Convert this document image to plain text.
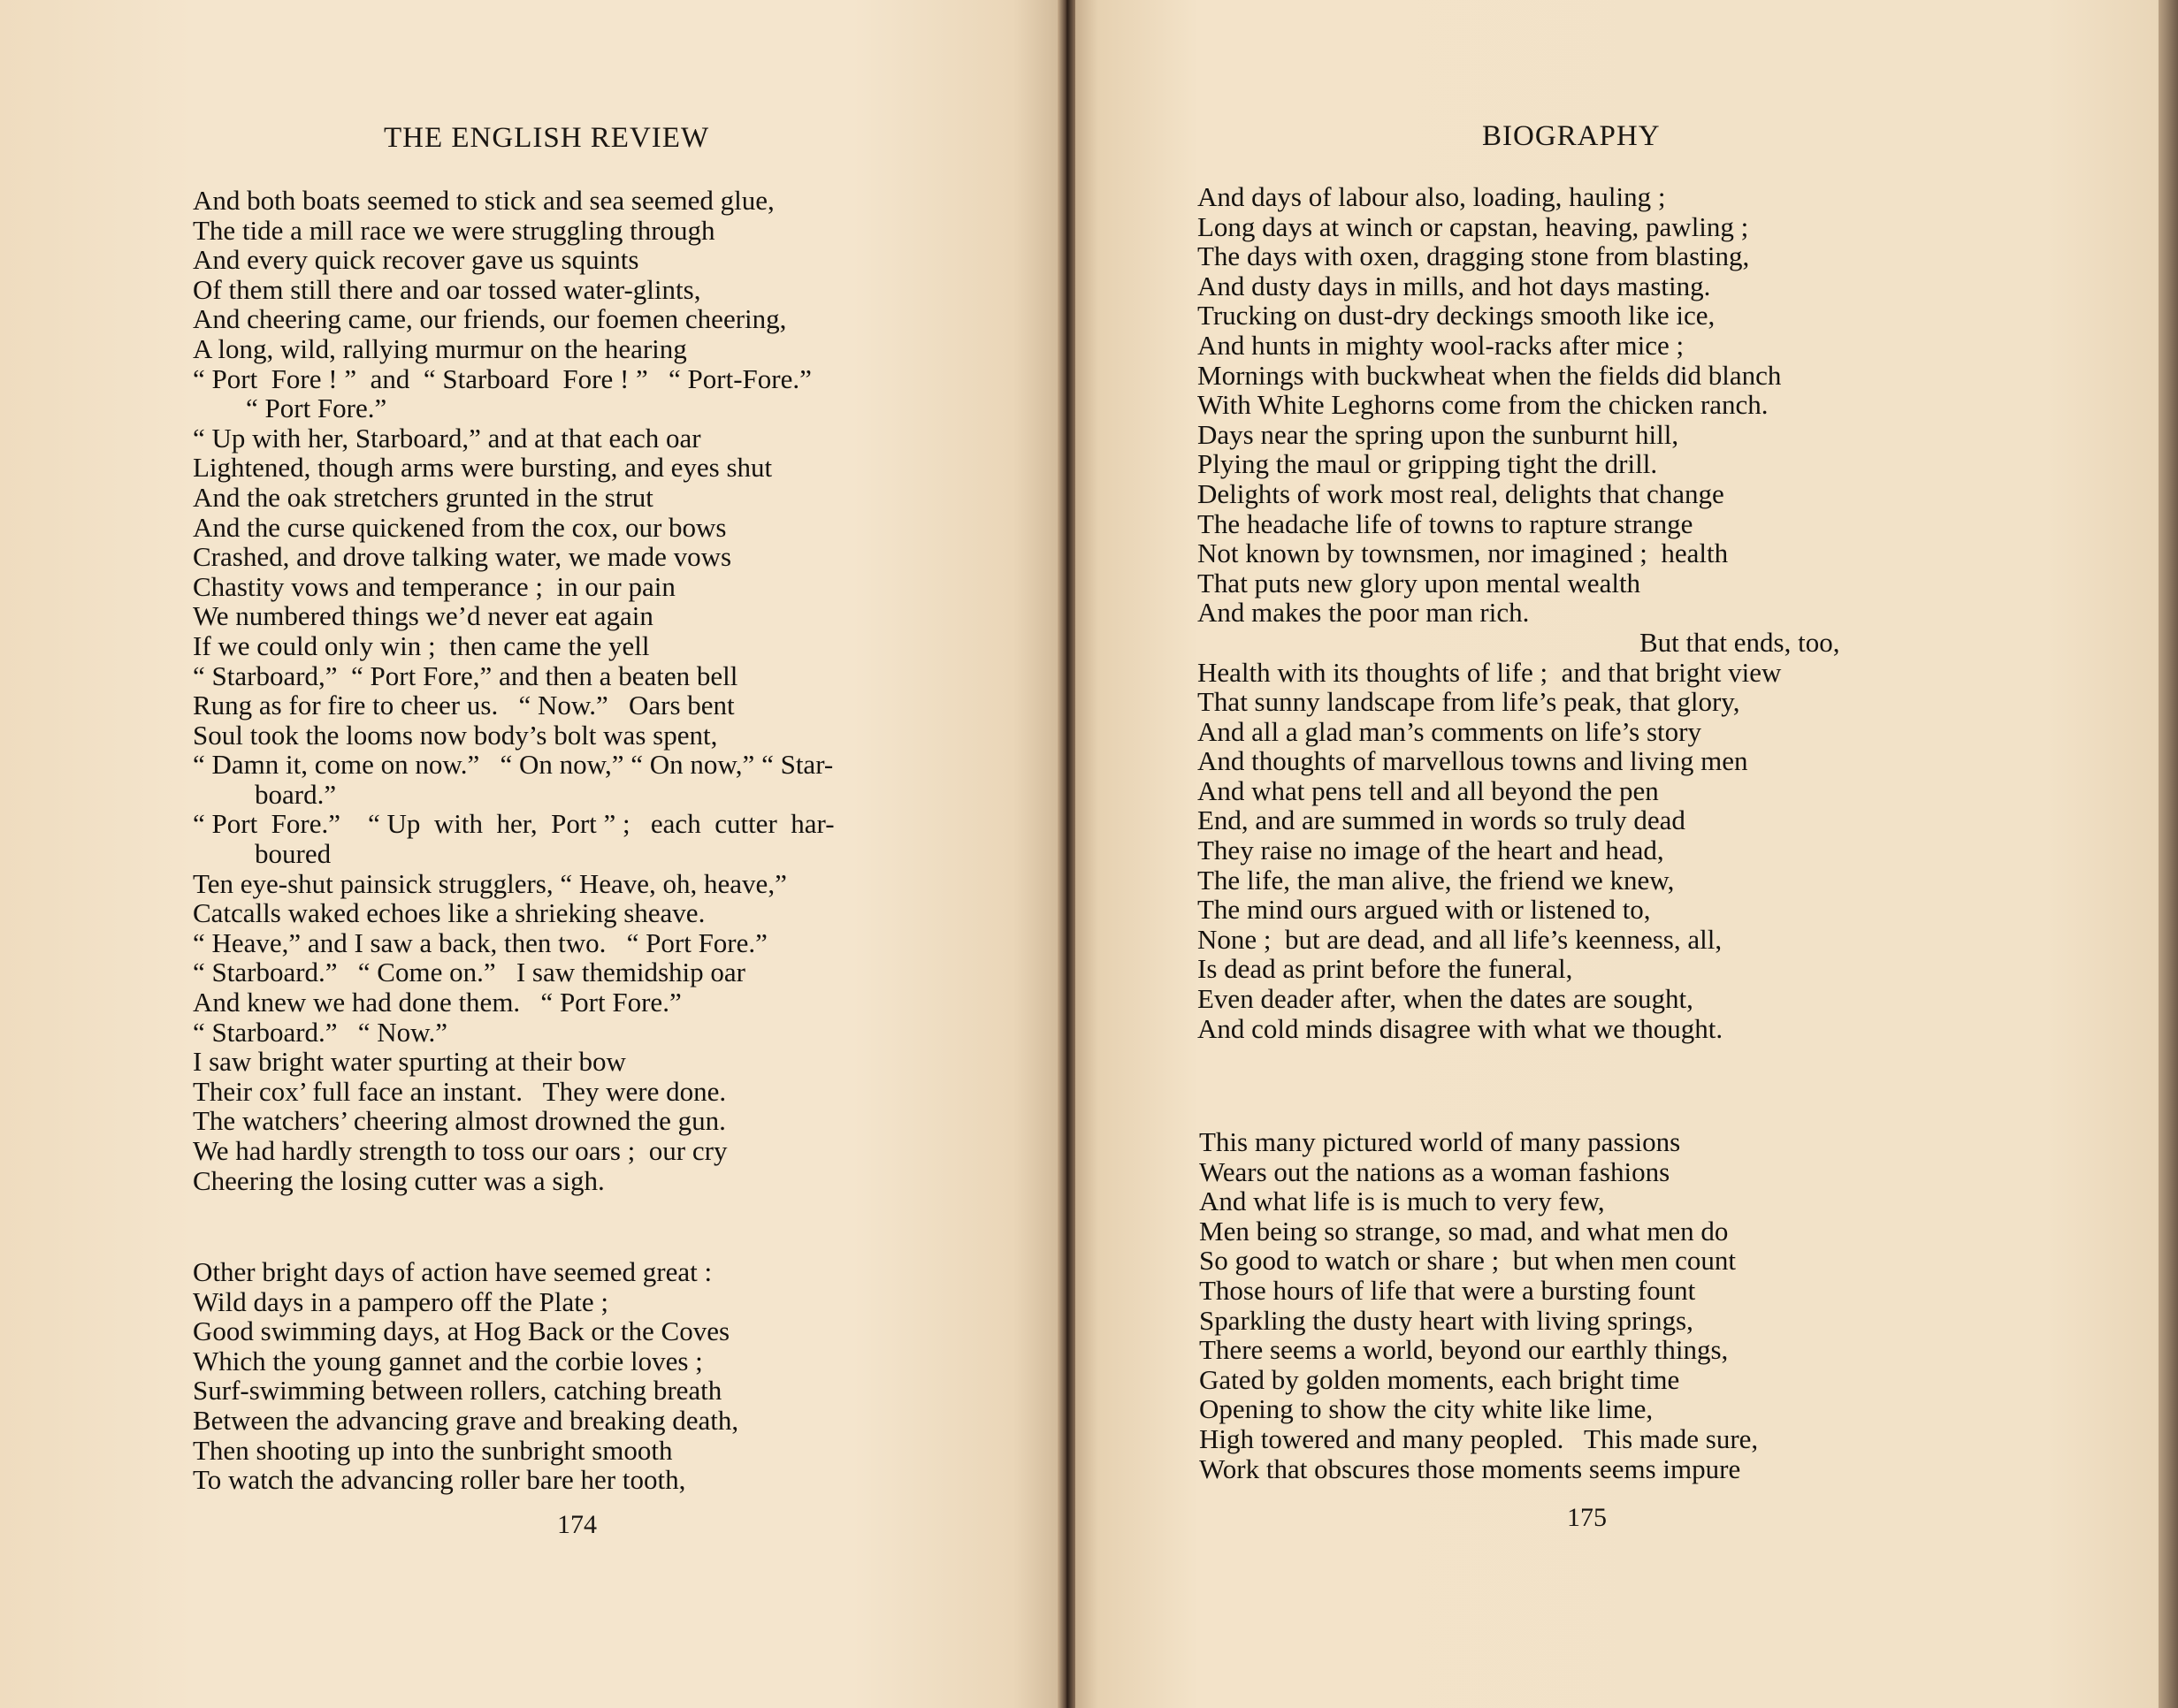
THE ENGLISH REVIEW
And both boats seemed to stick and sea seemed glue,
The tide a mill race we were struggling through
And every quick recover gave us squints
Of them still there and oar tossed water-glints,
And cheering came, our friends, our foemen cheering,
A long, wild, rallying murmur on the hearing
“ Port  Fore ! ”  and  “ Starboard  Fore ! ”   “ Port-Fore.”
“ Port Fore.”
“ Up with her, Starboard,” and at that each oar
Lightened, though arms were bursting, and eyes shut
And the oak stretchers grunted in the strut
And the curse quickened from the cox, our bows
Crashed, and drove talking water, we made vows
Chastity vows and temperance ;  in our pain
We numbered things we’d never eat again
If we could only win ;  then came the yell
“ Starboard,”  “ Port Fore,” and then a beaten bell
Rung as for fire to cheer us.   “ Now.”   Oars bent
Soul took the looms now body’s bolt was spent,
“ Damn it, come on now.”   “ On now,” “ On now,” “ Star-
board.”
“ Port  Fore.”    “ Up  with  her,  Port ” ;   each  cutter  har-
boured
Ten eye-shut painsick strugglers, “ Heave, oh, heave,”
Catcalls waked echoes like a shrieking sheave.
“ Heave,” and I saw a back, then two.   “ Port Fore.”
“ Starboard.”   “ Come on.”   I saw themidship oar
And knew we had done them.   “ Port Fore.”
“ Starboard.”   “ Now.”
I saw bright water spurting at their bow
Their cox’ full face an instant.   They were done.
The watchers’ cheering almost drowned the gun.
We had hardly strength to toss our oars ;  our cry
Cheering the losing cutter was a sigh.
Other bright days of action have seemed great :
Wild days in a pampero off the Plate ;
Good swimming days, at Hog Back or the Coves
Which the young gannet and the corbie loves ;
Surf-swimming between rollers, catching breath
Between the advancing grave and breaking death,
Then shooting up into the sunbright smooth
To watch the advancing roller bare her tooth,
174
BIOGRAPHY
And days of labour also, loading, hauling ;
Long days at winch or capstan, heaving, pawling ;
The days with oxen, dragging stone from blasting,
And dusty days in mills, and hot days masting.
Trucking on dust-dry deckings smooth like ice,
And hunts in mighty wool-racks after mice ;
Mornings with buckwheat when the fields did blanch
With White Leghorns come from the chicken ranch.
Days near the spring upon the sunburnt hill,
Plying the maul or gripping tight the drill.
Delights of work most real, delights that change
The headache life of towns to rapture strange
Not known by townsmen, nor imagined ;  health
That puts new glory upon mental wealth
And makes the poor man rich.
But that ends, too,
Health with its thoughts of life ;  and that bright view
That sunny landscape from life’s peak, that glory,
And all a glad man’s comments on life’s story
And thoughts of marvellous towns and living men
And what pens tell and all beyond the pen
End, and are summed in words so truly dead
They raise no image of the heart and head,
The life, the man alive, the friend we knew,
The mind ours argued with or listened to,
None ;  but are dead, and all life’s keenness, all,
Is dead as print before the funeral,
Even deader after, when the dates are sought,
And cold minds disagree with what we thought.
This many pictured world of many passions
Wears out the nations as a woman fashions
And what life is is much to very few,
Men being so strange, so mad, and what men do
So good to watch or share ;  but when men count
Those hours of life that were a bursting fount
Sparkling the dusty heart with living springs,
There seems a world, beyond our earthly things,
Gated by golden moments, each bright time
Opening to show the city white like lime,
High towered and many peopled.   This made sure,
Work that obscures those moments seems impure
175
